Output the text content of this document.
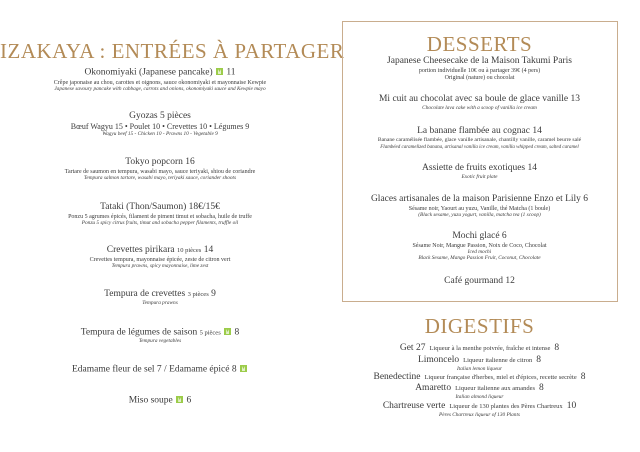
IZAKAYA : ENTRÉES À PARTAGER
Okonomiyaki (Japanese pancake) 11
Crêpe japonaise au chou, carottes et oignons, sauce okonomiyaki et mayonnaise Kewpie
Japanese savoury pancake with cabbage, carrots and onions, okonomiyaki sauce and Kewpie mayo
Gyozas 5 pièces
Bœuf Wagyu 15 • Poulet 10 • Crevettes 10 • Légumes 9
Wagyu beef 15 - Chicken 10 - Prawns 10 - Vegetable 9
Tokyo popcorn 16
Tartare de saumon en tempura, wasabi mayo, sauce teriyaki, shiou de coriandre
Tempura salmon tartare, wasabi mayo, teriyaki sauce, coriander shoots
Tataki (Thon/Saumon) 18€/15€
Ponzu 5 agrumes épicés, filament de piment timut et sobacha, huile de truffe
Ponzu 5 spicy citrus fruits, timut and sobacha pepper filaments, truffle oil
Crevettes pirikara 10 pièces 14
Crevettes tempura, mayonnaise épicée, zeste de citron vert
Tempura prawns, spicy mayonnaise, lime zest
Tempura de crevettes 3 pièces 9
Tempura prawns
Tempura de légumes de saison 5 pièces 8
Tempura vegetables
Edamame fleur de sel 7 / Edamame épicé 8
Miso soupe 6
DESSERTS
Japanese Cheesecake de la Maison Takumi Paris
portion individuelle 10€ ou à partager 39€ (4 pers)
Original (nature) ou chocolat
Mi cuit au chocolat avec sa boule de glace vanille 13
Chocolate lava cake with a scoop of vanilla ice cream
La banane flambée au cognac 14
Banane caramélisée flambée, glace vanille artisanale, chantilly vanille, caramel beurre salé
Flambéed caramelized banana, artisanal vanilla ice cream, vanilla whipped cream, salted caramel
Assiette de fruits exotiques 14
Exotic fruit plate
Glaces artisanales de la maison Parisienne Enzo et Lily 6
Sésame noir, Yaourt au yuzu, Vanille, thé Matcha (1 boule)
(Black sesame, yuzu yogurt, vanilla, matcha tea (1 scoop)
Mochi glacé 6
Sésame Noir, Mangue Passion, Noix de Coco, Chocolat
Iced mochi
Black Sesame, Mango Passion Fruit, Coconut, Chocolate
Café gourmand 12
DIGESTIFS
Get 27 Liqueur à la menthe poivrée, fraîche et intense 8
Limoncelo Liqueur italienne de citron 8
Italian lemon liqueur
Benedectine Liqueur française d'herbes, miel et d'épices, recette secrète 8
Amaretto Liqueur italienne aux amandes 8
Italian almond liqueur
Chartreuse verte Liqueur de 130 plantes des Pères Chartreux 10
Pères Chartreux liqueur of 130 Plants
